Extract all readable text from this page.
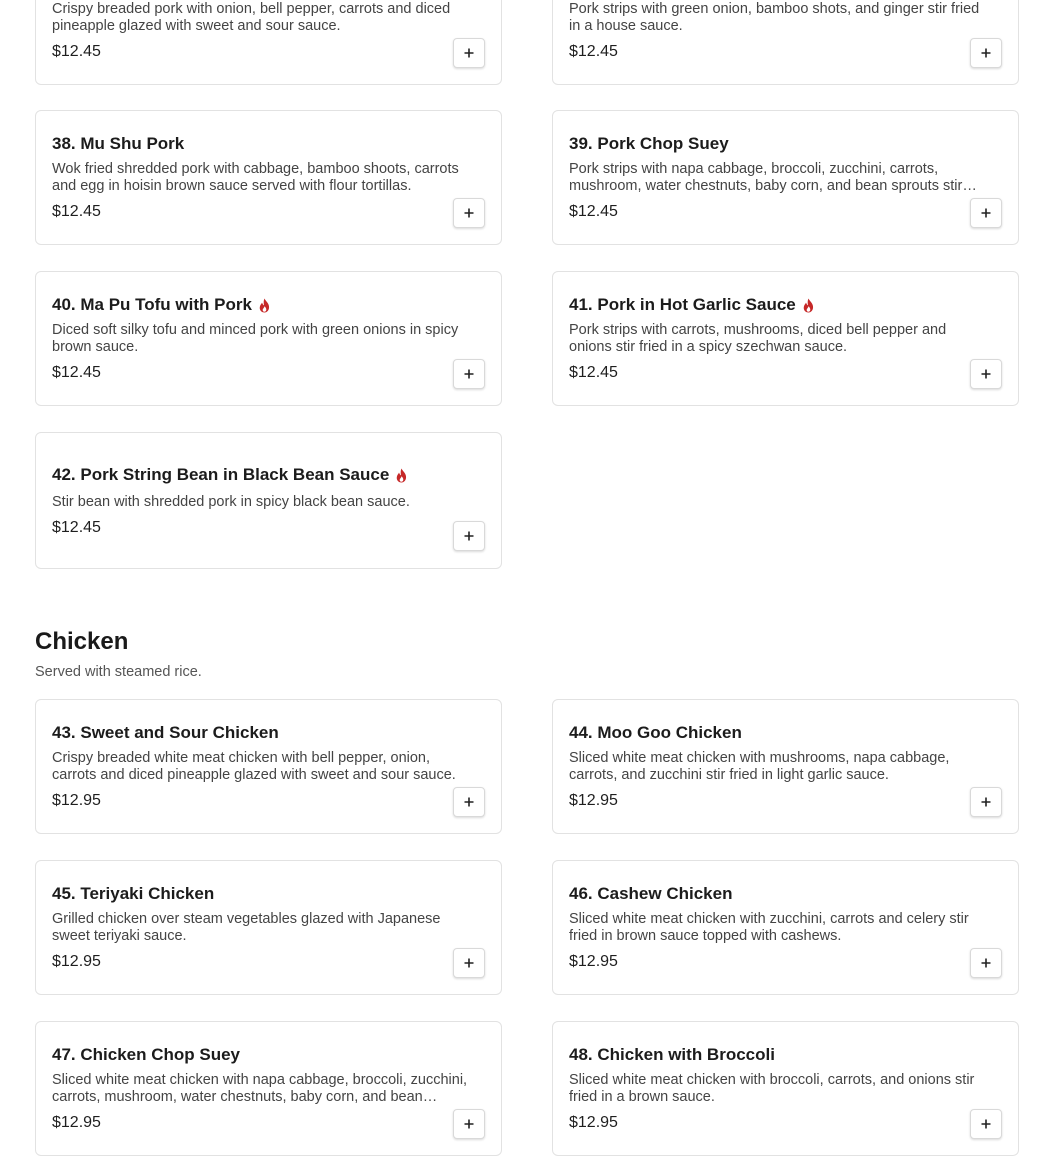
Crispy breaded pork with onion, bell pepper, carrots and diced pineapple glazed with sweet and sour sauce.
$12.45
Pork strips with green onion, bamboo shots, and ginger stir fried in a house sauce.
$12.45
38. Mu Shu Pork
Wok fried shredded pork with cabbage, bamboo shoots, carrots and egg in hoisin brown sauce served with flour tortillas.
$12.45
39. Pork Chop Suey
Pork strips with napa cabbage, broccoli, zucchini, carrots, mushroom, water chestnuts, baby corn, and bean sprouts stir
$12.45
40. Ma Pu Tofu with Pork
Diced soft silky tofu and minced pork with green onions in spicy brown sauce.
$12.45
41. Pork in Hot Garlic Sauce
Pork strips with carrots, mushrooms, diced bell pepper and onions stir fried in a spicy szechwan sauce.
$12.45
42. Pork String Bean in Black Bean Sauce
Stir bean with shredded pork in spicy black bean sauce.
$12.45
Chicken
Served with steamed rice.
43. Sweet and Sour Chicken
Crispy breaded white meat chicken with bell pepper, onion, carrots and diced pineapple glazed with sweet and sour sauce.
$12.95
44. Moo Goo Chicken
Sliced white meat chicken with mushrooms, napa cabbage, carrots, and zucchini stir fried in light garlic sauce.
$12.95
45. Teriyaki Chicken
Grilled chicken over steam vegetables glazed with Japanese sweet teriyaki sauce.
$12.95
46. Cashew Chicken
Sliced white meat chicken with zucchini, carrots and celery stir fried in brown sauce topped with cashews.
$12.95
47. Chicken Chop Suey
Sliced white meat chicken with napa cabbage, broccoli, zucchini, carrots, mushroom, water chestnuts, baby corn, and bean
$12.95
48. Chicken with Broccoli
Sliced white meat chicken with broccoli, carrots, and onions stir fried in a brown sauce.
$12.95
